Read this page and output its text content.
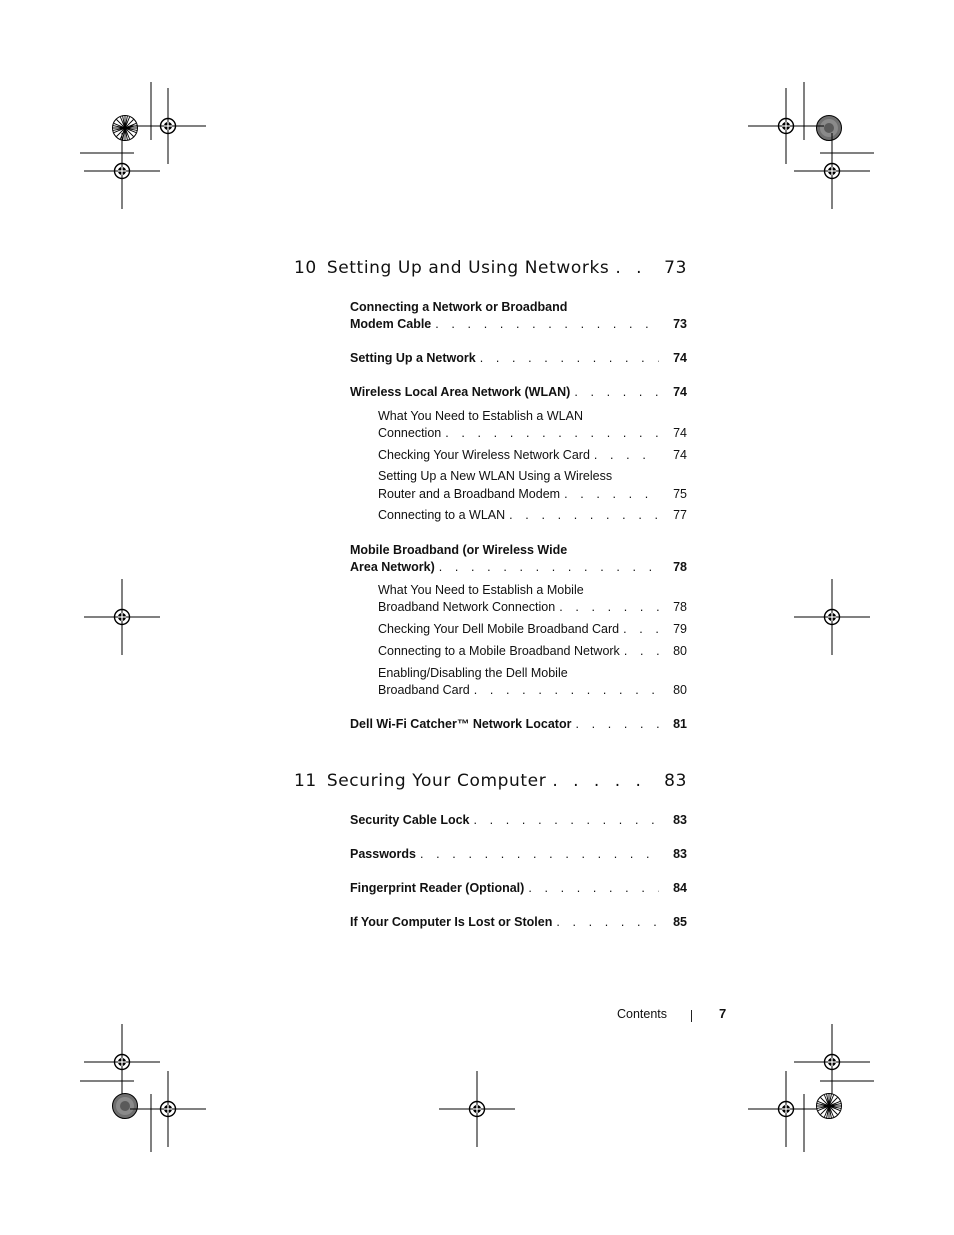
10 Setting Up and Using Networks . . .	73
Connecting a Network or Broadband
Modem Cable . . .	73
Setting Up a Network . . .	74
Wireless Local Area Network (WLAN) . . .	74
What You Need to Establish a WLAN
Connection . . .	74
Checking Your Wireless Network Card . . .	74
Setting Up a New WLAN Using a Wireless
Router and a Broadband Modem . . .	75
Connecting to a WLAN . . .	77
Mobile Broadband (or Wireless Wide
Area Network) . . .	78
What You Need to Establish a Mobile
Broadband Network Connection . . .	78
Checking Your Dell Mobile Broadband Card . . .	79
Connecting to a Mobile Broadband Network . . .	80
Enabling/Disabling the Dell Mobile
Broadband Card . . .	80
Dell Wi-Fi Catcher™ Network Locator . . .	81
11 Securing Your Computer . . .	83
Security Cable Lock . . .	83
Passwords . . .	83
Fingerprint Reader (Optional) . . .	84
If Your Computer Is Lost or Stolen . . .	85
Contents	7
